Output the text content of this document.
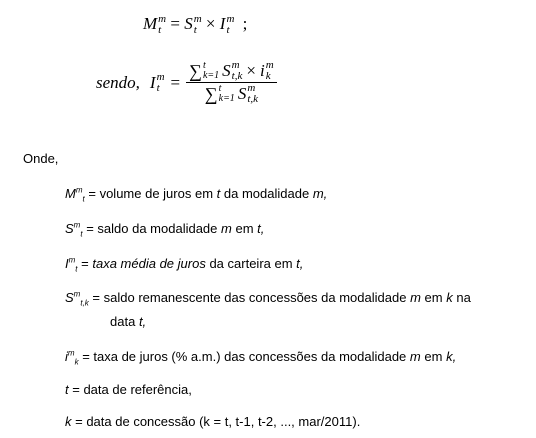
M m
t = S m
t × I m
t ;
sendo, I m
t = ∑ t
k=1 S m
t,k × i m
k
∑ t
k=1 S m
t,k
Onde,
$M^m_t$ = volume de juros em t da modalidade m,
$S^m_t$ = saldo da modalidade m em t,
$I^m_t$ = taxa média de juros da carteira em t,
$S^m_{t,k}$ = saldo remanescente das concessões da modalidade m em k na
data t,
$i^m_k$ = taxa de juros (% a.m.) das concessões da modalidade m em k,
t = data de referência,
k = data de concessão (k = t, t-1, t-2, ..., mar/2011).
